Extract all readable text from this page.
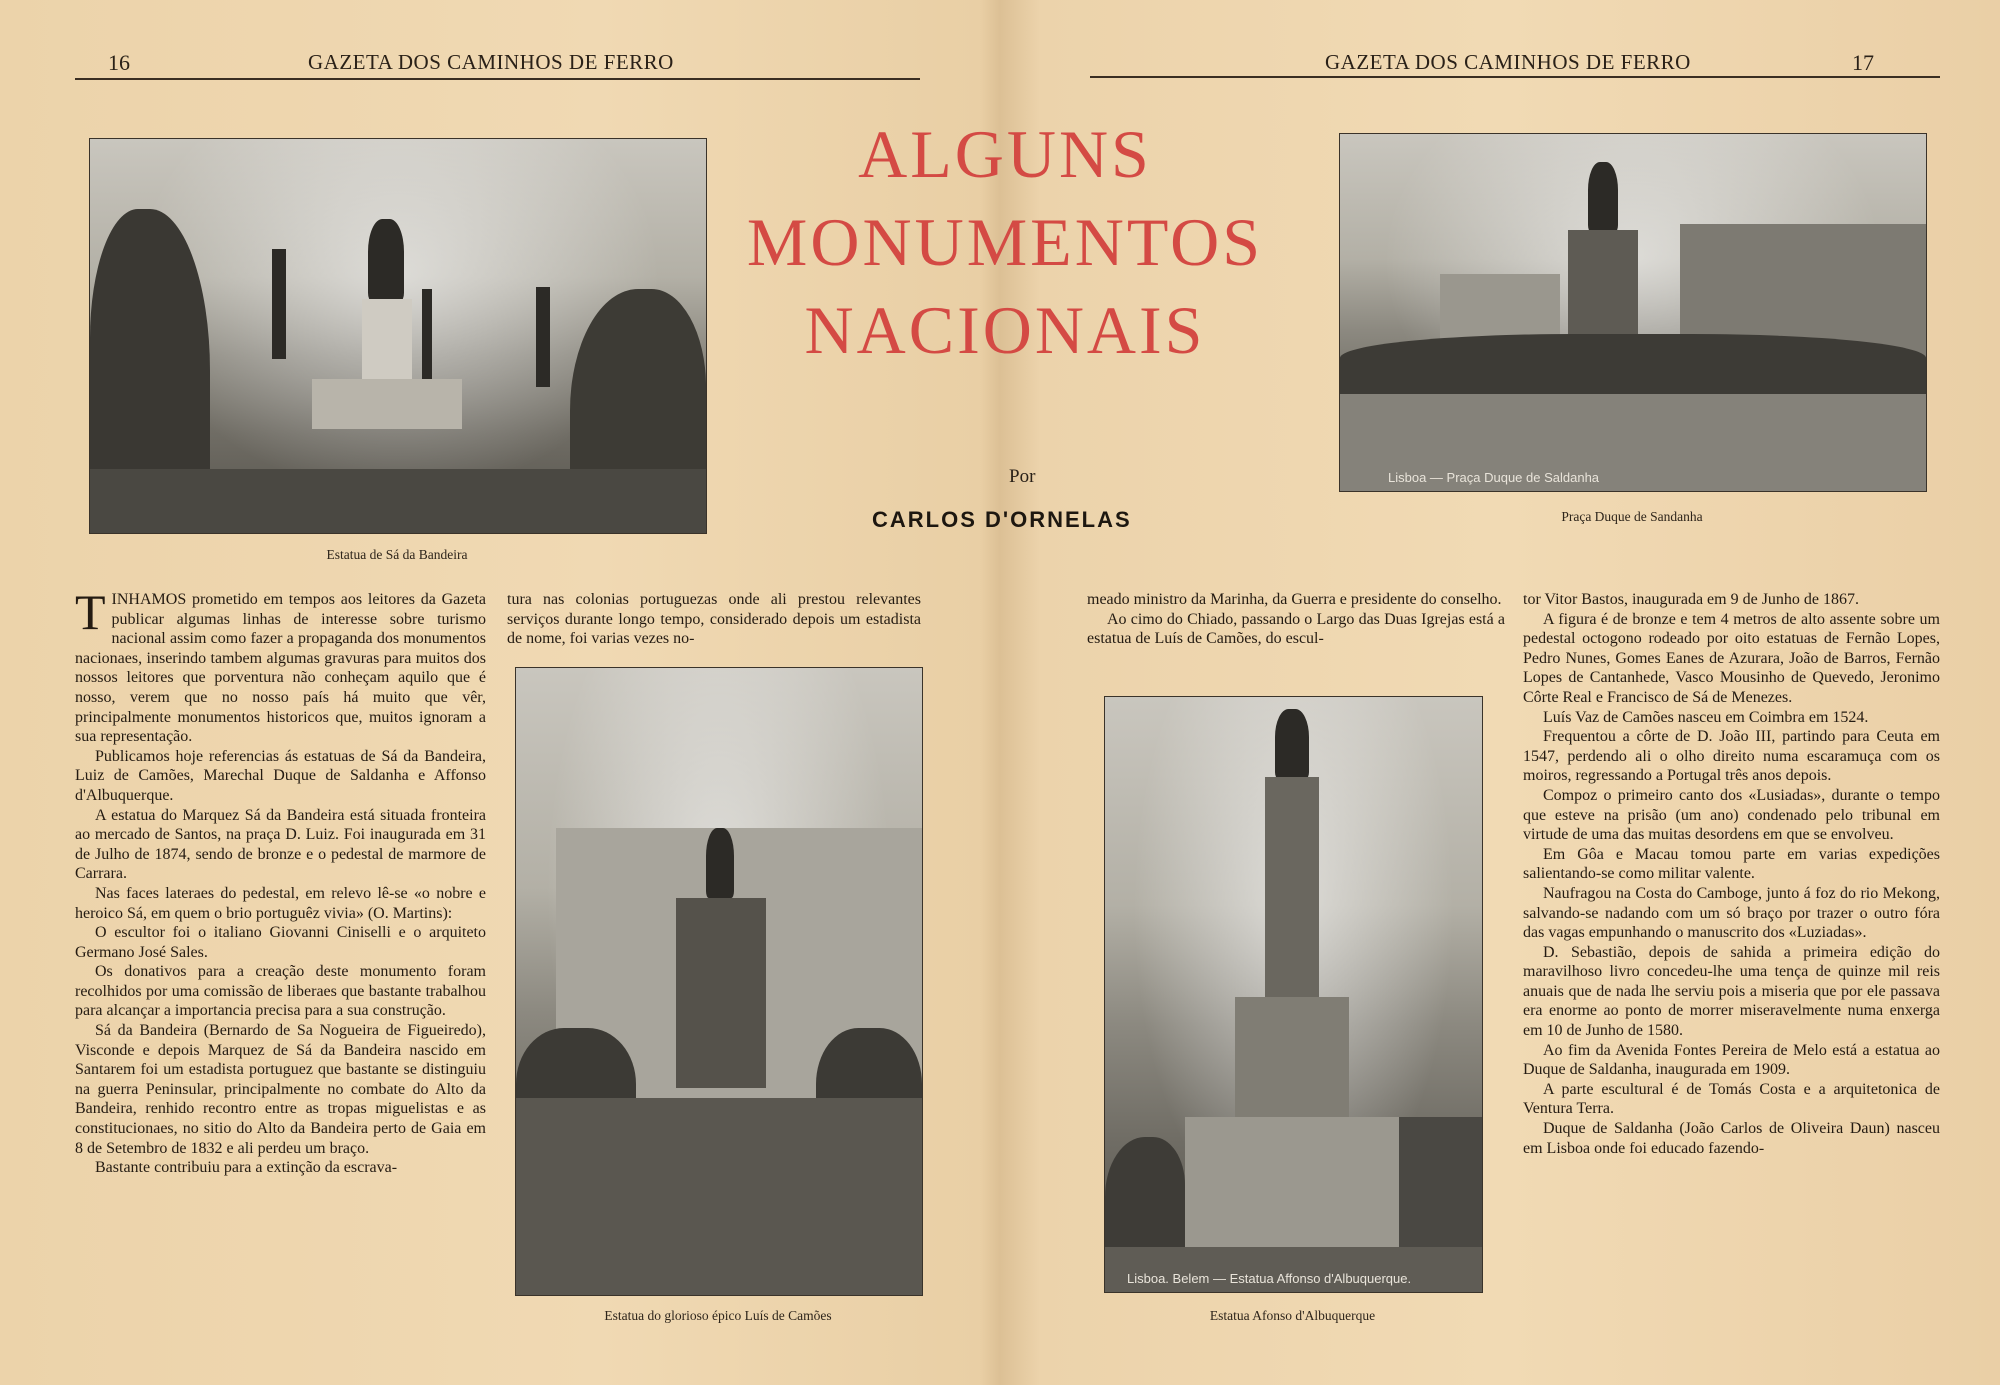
16	GAZETA DOS CAMINHOS DE FERRO	GAZETA DOS CAMINHOS DE FERRO	17
ALGUNS
MONUMENTOS
NACIONAIS
Por
CARLOS D'ORNELAS
Estatua de Sá da Bandeira
Lisboa — Praça Duque de Saldanha
Praça Duque de Sandanha
Estatua do glorioso épico Luís de Camões
Lisboa. Belem — Estatua Affonso d'Albuquerque.
Estatua Afonso d'Albuquerque

TINHAMOS prometido em tempos aos leitores da Gazeta publicar algumas linhas de interesse sobre turismo nacional assim como fazer a propaganda dos monumentos nacionaes, inserindo tambem algumas gravuras para muitos dos nossos leitores que porventura não conheçam aquilo que é nosso, verem que no nosso país há muito que vêr, principalmente monumentos historicos que, muitos ignoram a sua representação.

Publicamos hoje referencias ás estatuas de Sá da Bandeira, Luiz de Camões, Marechal Duque de Saldanha e Affonso d'Albuquerque.

A estatua do Marquez Sá da Bandeira está situada fronteira ao mercado de Santos, na praça D. Luiz. Foi inaugurada em 31 de Julho de 1874, sendo de bronze e o pedestal de marmore de Carrara.

Nas faces lateraes do pedestal, em relevo lê-se «o nobre e heroico Sá, em quem o brio portuguêz vivia» (O. Martins):

O escultor foi o italiano Giovanni Ciniselli e o arquiteto Germano José Sales.

Os donativos para a creação deste monumento foram recolhidos por uma comissão de liberaes que bastante trabalhou para alcançar a importancia precisa para a sua construção.

Sá da Bandeira (Bernardo de Sa Nogueira de Figueiredo), Visconde e depois Marquez de Sá da Bandeira nascido em Santarem foi um estadista portuguez que bastante se distinguiu na guerra Peninsular, principalmente no combate do Alto da Bandeira, renhido recontro entre as tropas miguelistas e as constitucionaes, no sitio do Alto da Bandeira perto de Gaia em 8 de Setembro de 1832 e ali perdeu um braço.

Bastante contribuiu para a extinção da escrava-

tura nas colonias portuguezas onde ali prestou relevantes serviços durante longo tempo, considerado depois um estadista de nome, foi varias vezes no-

meado ministro da Marinha, da Guerra e presidente do conselho.

Ao cimo do Chiado, passando o Largo das Duas Igrejas está a estatua de Luís de Camões, do escul-

tor Vitor Bastos, inaugurada em 9 de Junho de 1867.

A figura é de bronze e tem 4 metros de alto assente sobre um pedestal octogono rodeado por oito estatuas de Fernão Lopes, Pedro Nunes, Gomes Eanes de Azurara, João de Barros, Fernão Lopes de Cantanhede, Vasco Mousinho de Quevedo, Jeronimo Côrte Real e Francisco de Sá de Menezes.

Luís Vaz de Camões nasceu em Coimbra em 1524.

Frequentou a côrte de D. João III, partindo para Ceuta em 1547, perdendo ali o olho direito numa escaramuça com os moiros, regressando a Portugal três anos depois.

Compoz o primeiro canto dos «Lusiadas», durante o tempo que esteve na prisão (um ano) condenado pelo tribunal em virtude de uma das muitas desordens em que se envolveu.

Em Gôa e Macau tomou parte em varias expedições salientando-se como militar valente.

Naufragou na Costa do Camboge, junto á foz do rio Mekong, salvando-se nadando com um só braço por trazer o outro fóra das vagas empunhando o manuscrito dos «Luziadas».

D. Sebastião, depois de sahida a primeira edição do maravilhoso livro concedeu-lhe uma tença de quinze mil reis anuais que de nada lhe serviu pois a miseria que por ele passava era enorme ao ponto de morrer miseravelmente numa enxerga em 10 de Junho de 1580.

Ao fim da Avenida Fontes Pereira de Melo está a estatua ao Duque de Saldanha, inaugurada em 1909.

A parte escultural é de Tomás Costa e a arquitetonica de Ventura Terra.

Duque de Saldanha (João Carlos de Oliveira Daun) nasceu em Lisboa onde foi educado fazendo-
